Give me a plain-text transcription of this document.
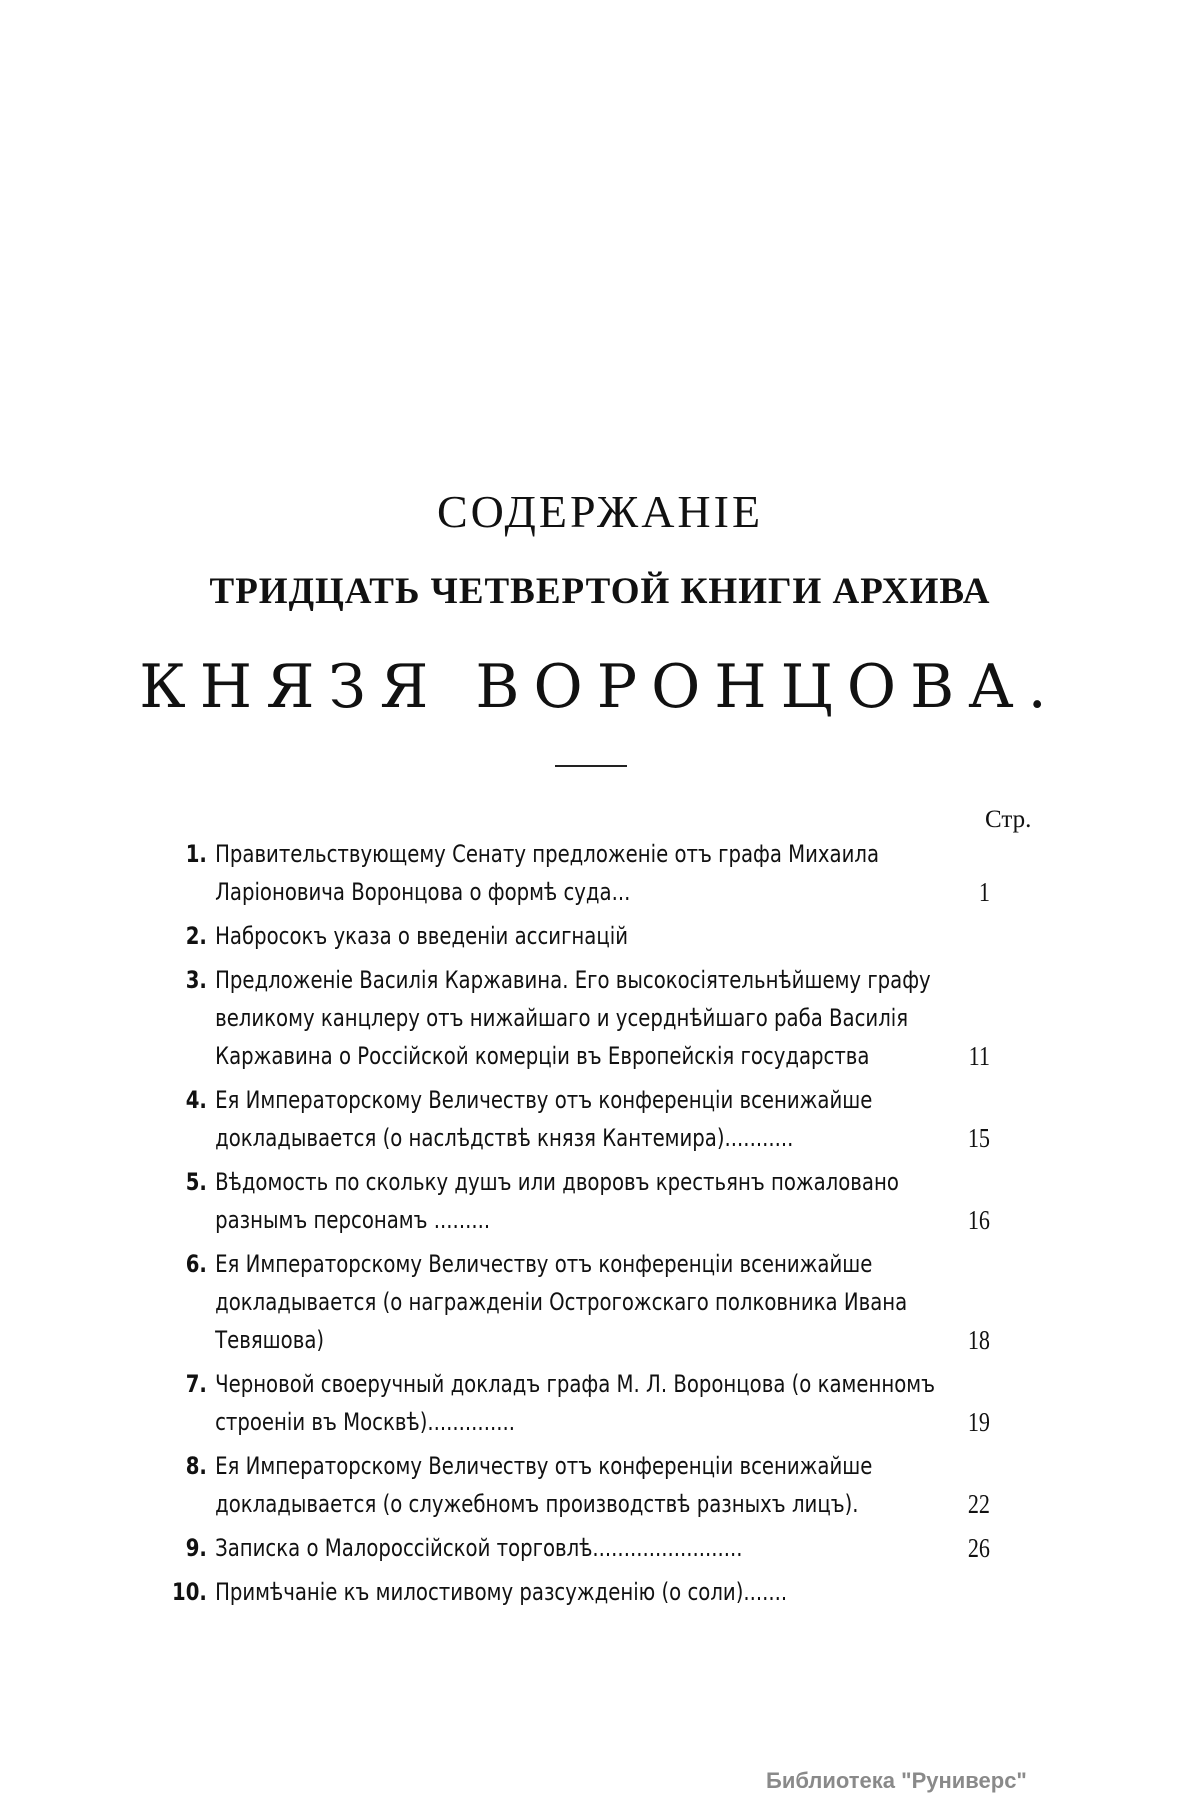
СОДЕРЖАНІЕ
ТРИДЦАТЬ ЧЕТВЕРТОЙ КНИГИ АРХИВА
КНЯЗЯ ВОРОНЦОВА.
Стр.
1. Правительствующему Сенату предложеніе отъ графа Михаила Ларіоновича Воронцова о формѣ суда...	1
2. Набросокъ указа о введеніи ассигнацій
3. Предложеніе Василія Каржавина. Его высокосіятельнѣйшему графу великому канцлеру отъ нижайшаго и усерднѣйшаго раба Василія Каржавина о Россійской комерціи въ Европейскія государства	11
4. Ея Императорскому Величеству отъ конференціи всенижайше докладывается (о наслѣдствѣ князя Кантемира)...........	15
5. Вѣдомость по скольку душъ или дворовъ крестьянъ пожаловано разнымъ персонамъ .........	16
6. Ея Императорскому Величеству отъ конференціи всенижайше докладывается (о награжденіи Острогожскаго полковника Ивана Тевяшова)	18
7. Черновой своеручный докладъ графа М. Л. Воронцова (о каменномъ строеніи въ Москвѣ)..............	19
8. Ея Императорскому Величеству отъ конференціи всенижайше докладывается (о служебномъ производствѣ разныхъ лицъ).	22
9. Записка о Малороссійской торговлѣ........................	26
10. Примѣчаніе къ милостивому разсужденію (о соли).......
Библиотека "Руниверс"
